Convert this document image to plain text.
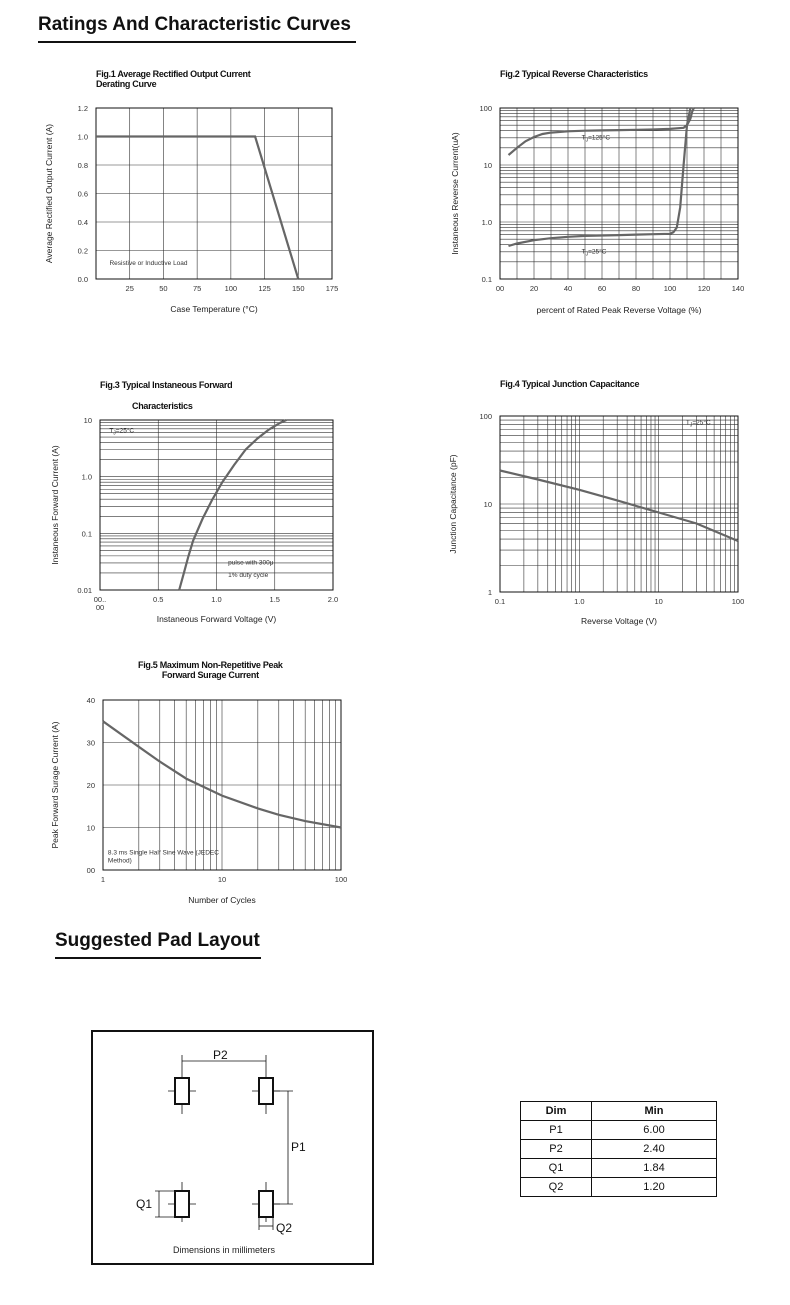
Ratings And Characteristic Curves
Fig.1 Average Rectified Output Current
Derating Curve
25	50	75	100	125	150	175
0.0
0.2
0.4
0.6
0.8
1.0
1.2
Case Temperature (°C)
Average Rectified Output Current (A)
Resistive or Inductive Load
Fig.2 Typical Reverse Characteristics
00	20	40	60	80	100	120	140
0.1
1.0
10
100
percent of Rated Peak Reverse Voltage (%)
Instaneous Reverse Current(uA)	$T_J=125^\circ C$
$T_J=25^\circ C$
Fig.3 Typical Instaneous Forward
Characteristics
00.. 00
0.5	1.0	1.5	2.0
0.01
0.1
1.0
10
Instaneous Forward Voltage (V)
Instaneous Forward Current (A)
$T_J=25^\circ C$
pulse with 300μ
1% duty cycle
Fig.4 Typical Junction Capacitance
0.1	1.0	10	100
1
10
100
Reverse Voltage (V)
Junction Capacitance (pF)
$T_J=25^\circ C$
Fig.5 Maximum Non-Repetitive Peak
Forward Surage Current
1	10	100
00
10
20
30
40
Number of Cycles
Peak Forward Surage Current (A)
8.3 ms Single Half Sine Wave (JEDEC
Method)
Suggested Pad Layout
P2
P1
Q1
Q2
Dimensions in millimeters
Dim	Min
P1	6.00
P2	2.40
Q1	1.84
Q2	1.20
